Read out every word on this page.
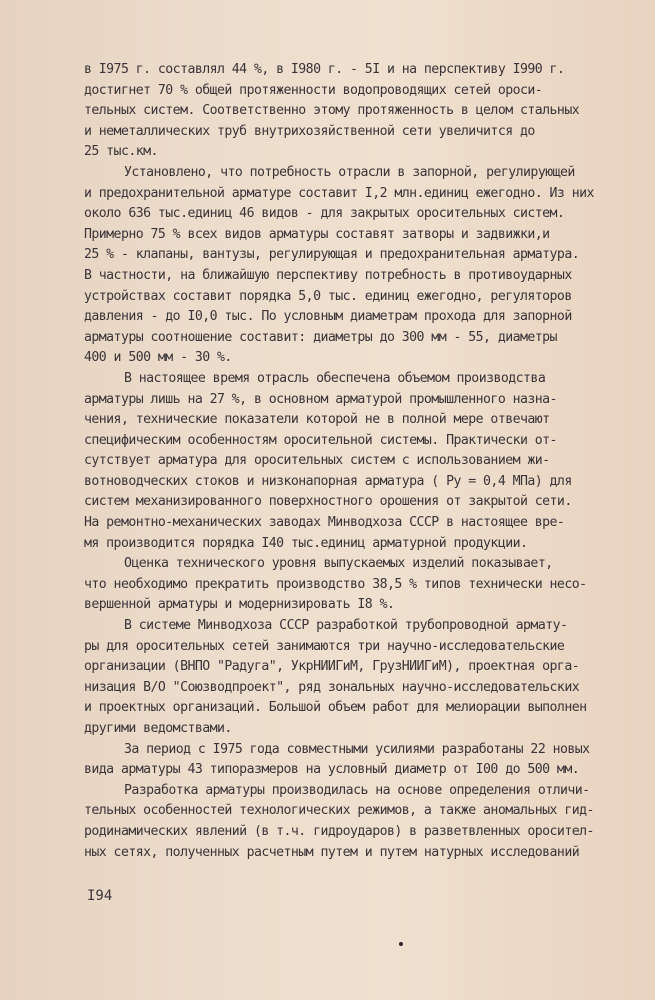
в I975 г. составлял 44 %, в I980 г. - 5I и на перспективу I990 г.
достигнет 70 % общей протяженности водопроводящих сетей ороси-
тельных систем. Соответственно этому протяженность в целом стальных
и неметаллических труб внутрихозяйственной сети увеличится до
25 тыс.км.
Установлено, что потребность отрасли в запорной, регулирующей
и предохранительной арматуре составит I,2 млн.единиц ежегодно. Из них
около 636 тыс.единиц 46 видов - для закрытых оросительных систем.
Примерно 75 % всех видов арматуры составят затворы и задвижки,и
25 % - клапаны, вантузы, регулирующая и предохранительная арматура.
В частности, на ближайшую перспективу потребность в противоударных
устройствах составит порядка 5,0 тыс. единиц ежегодно, регуляторов
давления - до I0,0 тыс. По условным диаметрам прохода для запорной
арматуры соотношение составит: диаметры до 300 мм - 55, диаметры
400 и 500 мм - 30 %.
В настоящее время отрасль обеспечена объемом производства
арматуры лишь на 27 %, в основном арматурой промышленного назна-
чения, технические показатели которой не в полной мере отвечают
специфическим особенностям оросительной системы. Практически от-
сутствует арматура для оросительных систем с использованием жи-
вотноводческих стоков и низконапорная арматура ( Pу = 0,4 МПа) для
систем механизированного поверхностного орошения от закрытой сети.
На ремонтно-механических заводах Минводхоза СССР в настоящее вре-
мя производится порядка I40 тыс.единиц арматурной продукции.
Оценка технического уровня выпускаемых изделий показывает,
что необходимо прекратить производство 38,5 % типов технически несо-
вершенной арматуры и модернизировать I8 %.
В системе Минводхоза СССР разработкой трубопроводной армату-
ры для оросительных сетей занимаются три научно-исследовательские
организации (ВНПО "Радуга", УкрНИИГиМ, ГрузНИИГиМ), проектная орга-
низация В/О "Союзводпроект", ряд зональных научно-исследовательских
и проектных организаций. Большой объем работ для мелиорации выполнен
другими ведомствами.
За период с I975 года совместными усилиями разработаны 22 новых
вида арматуры 43 типоразмеров на условный диаметр от I00 до 500 мм.
Разработка арматуры производилась на основе определения отличи-
тельных особенностей технологических режимов, а также аномальных гид-
родинамических явлений (в т.ч. гидроударов) в разветвленных оросител-
ных сетях, полученных расчетным путем и путем натурных исследований
I94
